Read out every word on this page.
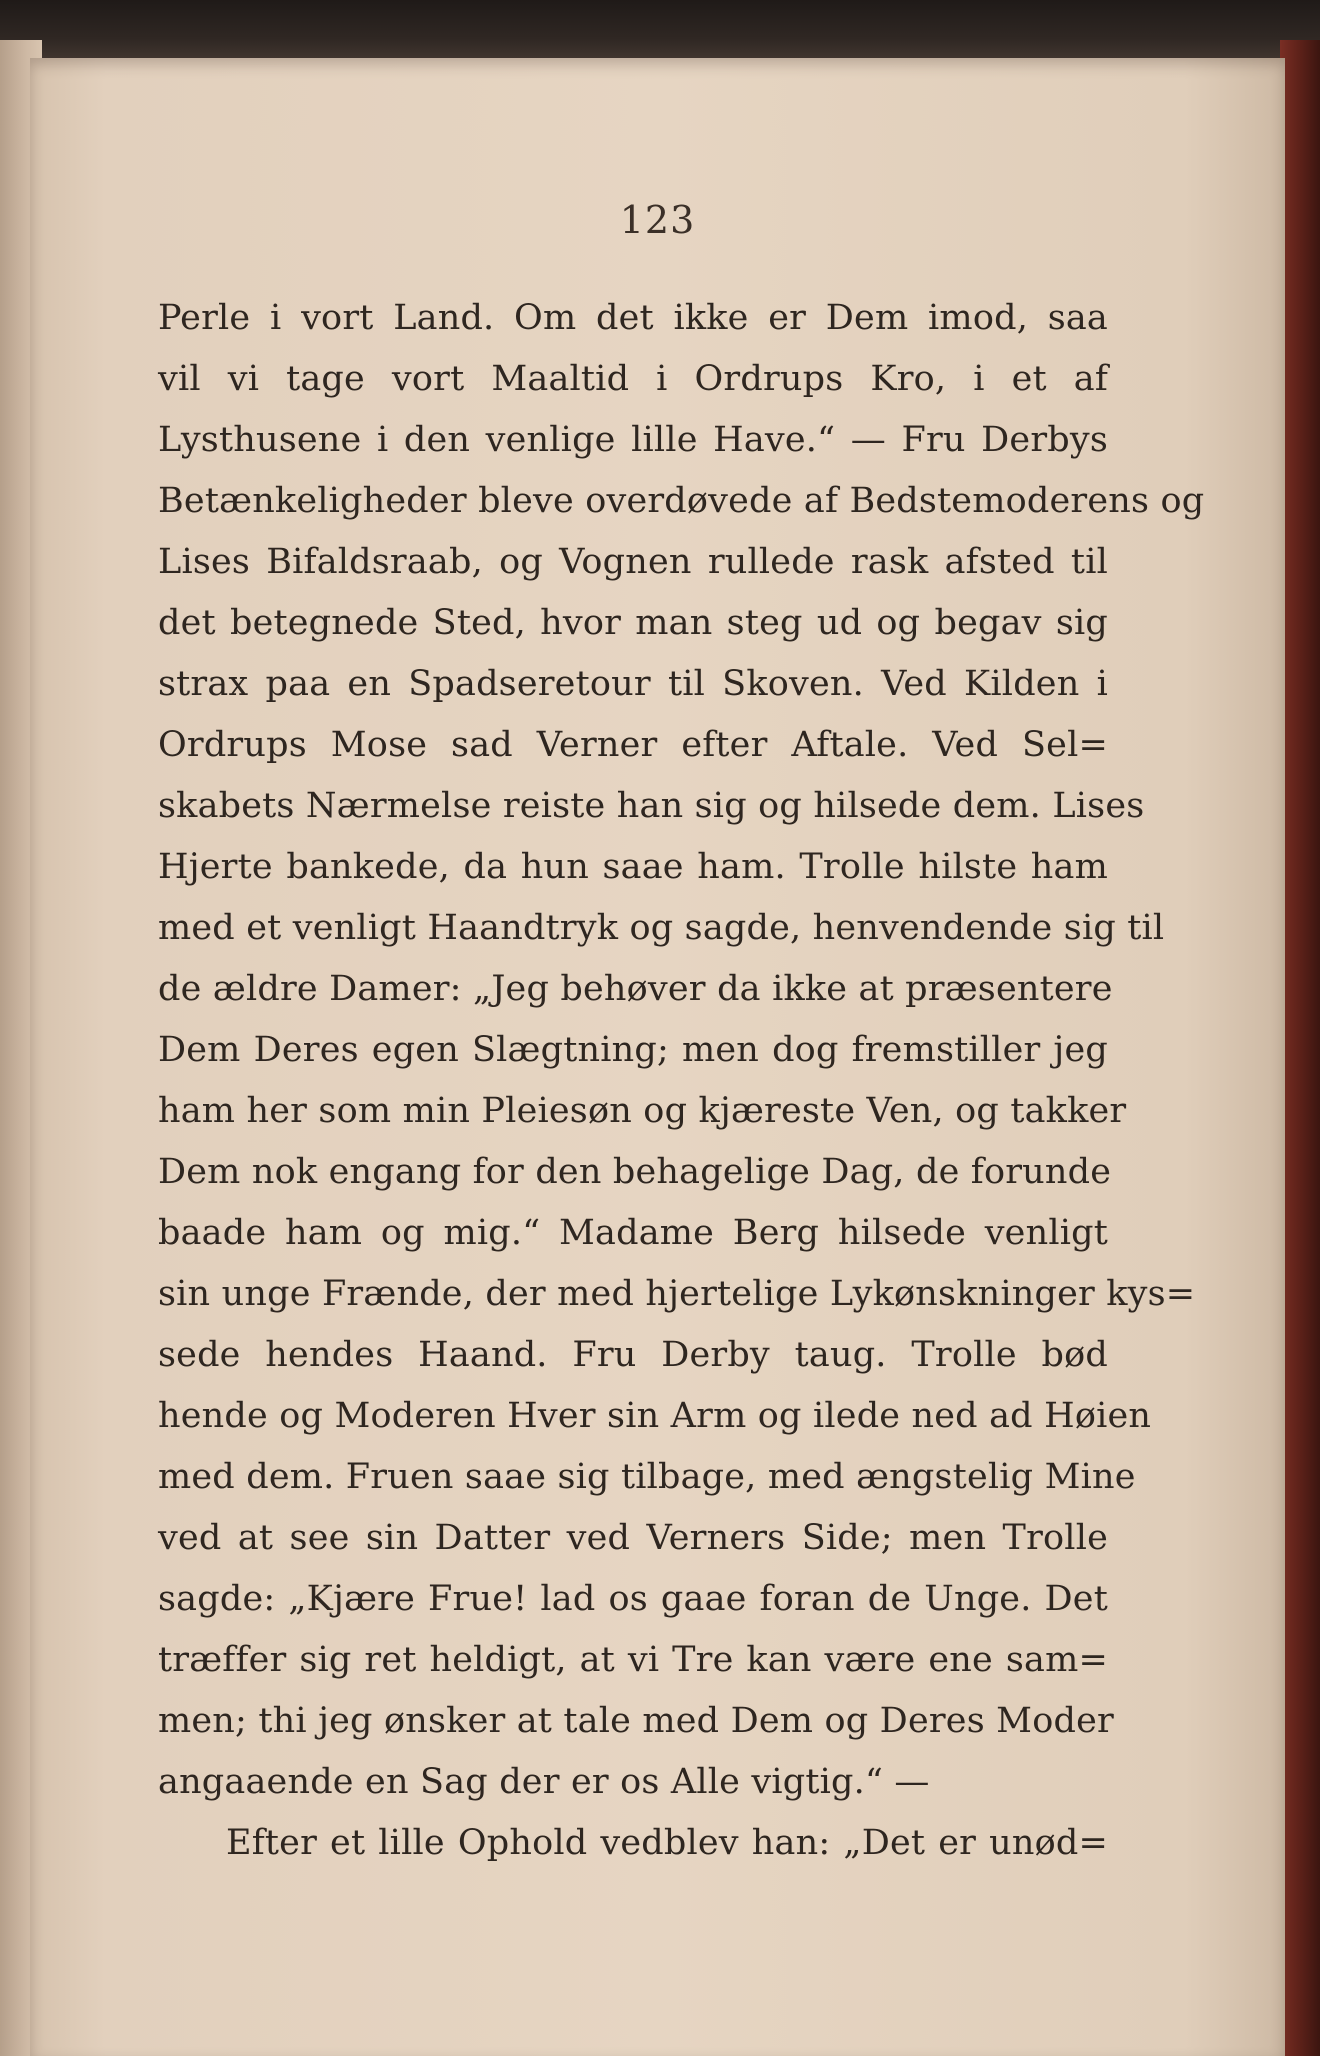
123
Perle i vort Land. Om det ikke er Dem imod, saa
vil vi tage vort Maaltid i Ordrups Kro, i et af
Lysthusene i den venlige lille Have.“ — Fru Derbys
Betænkeligheder bleve overdøvede af Bedstemoderens og
Lises Bifaldsraab, og Vognen rullede rask afsted til
det betegnede Sted, hvor man steg ud og begav sig
strax paa en Spadseretour til Skoven. Ved Kilden i
Ordrups Mose sad Verner efter Aftale. Ved Sel=
skabets Nærmelse reiste han sig og hilsede dem. Lises
Hjerte bankede, da hun saae ham. Trolle hilste ham
med et venligt Haandtryk og sagde, henvendende sig til
de ældre Damer: „Jeg behøver da ikke at præsentere
Dem Deres egen Slægtning; men dog fremstiller jeg
ham her som min Pleiesøn og kjæreste Ven, og takker
Dem nok engang for den behagelige Dag, de forunde
baade ham og mig.“ Madame Berg hilsede venligt
sin unge Frænde, der med hjertelige Lykønskninger kys=
sede hendes Haand. Fru Derby taug. Trolle bød
hende og Moderen Hver sin Arm og ilede ned ad Høien
med dem. Fruen saae sig tilbage, med ængstelig Mine
ved at see sin Datter ved Verners Side; men Trolle
sagde: „Kjære Frue! lad os gaae foran de Unge. Det
træffer sig ret heldigt, at vi Tre kan være ene sam=
men; thi jeg ønsker at tale med Dem og Deres Moder
angaaende en Sag der er os Alle vigtig.“ —
Efter et lille Ophold vedblev han: „Det er unød=
